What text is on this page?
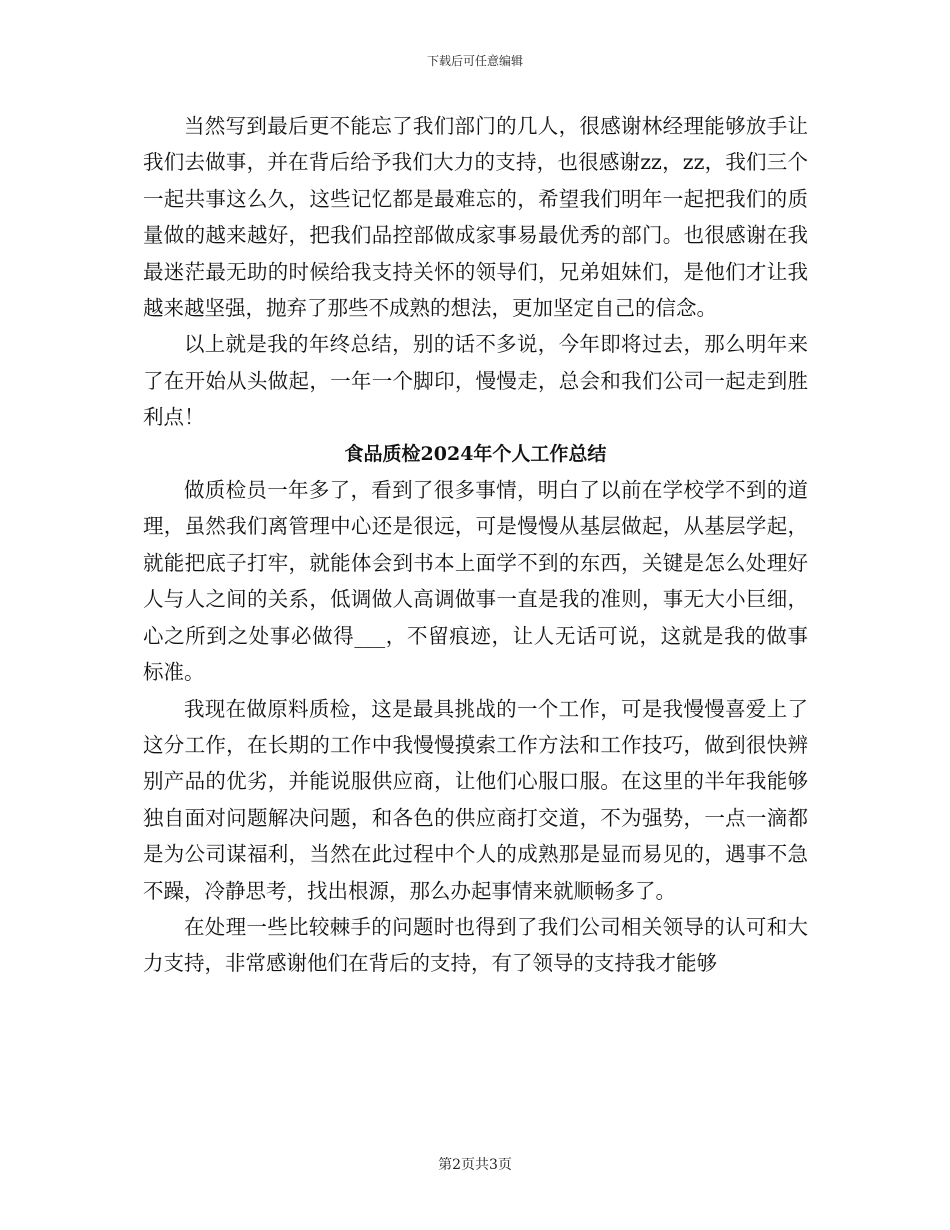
下载后可任意编辑

当然写到最后更不能忘了我们部门的几人，很感谢林经理能够放手让我们去做事，并在背后给予我们大力的支持，也很感谢zz，zz，我们三个一起共事这么久，这些记忆都是最难忘的，希望我们明年一起把我们的质量做的越来越好，把我们品控部做成家事易最优秀的部门。也很感谢在我最迷茫最无助的时候给我支持关怀的领导们，兄弟姐妹们，是他们才让我越来越坚强，抛弃了那些不成熟的想法，更加坚定自己的信念。

以上就是我的年终总结，别的话不多说，今年即将过去，那么明年来了在开始从头做起，一年一个脚印，慢慢走，总会和我们公司一起走到胜利点！

食品质检2024年个人工作总结

做质检员一年多了，看到了很多事情，明白了以前在学校学不到的道理，虽然我们离管理中心还是很远，可是慢慢从基层做起，从基层学起，就能把底子打牢，就能体会到书本上面学不到的东西，关键是怎么处理好人与人之间的关系，低调做人高调做事一直是我的准则，事无大小巨细，心之所到之处事必做得___，不留痕迹，让人无话可说，这就是我的做事标准。

我现在做原料质检，这是最具挑战的一个工作，可是我慢慢喜爱上了这分工作，在长期的工作中我慢慢摸索工作方法和工作技巧，做到很快辨别产品的优劣，并能说服供应商，让他们心服口服。在这里的半年我能够独自面对问题解决问题，和各色的供应商打交道，不为强势，一点一滴都是为公司谋福利，当然在此过程中个人的成熟那是显而易见的，遇事不急不躁，冷静思考，找出根源，那么办起事情来就顺畅多了。

在处理一些比较棘手的问题时也得到了我们公司相关领导的认可和大力支持，非常感谢他们在背后的支持，有了领导的支持我才能够

第2页共3页
